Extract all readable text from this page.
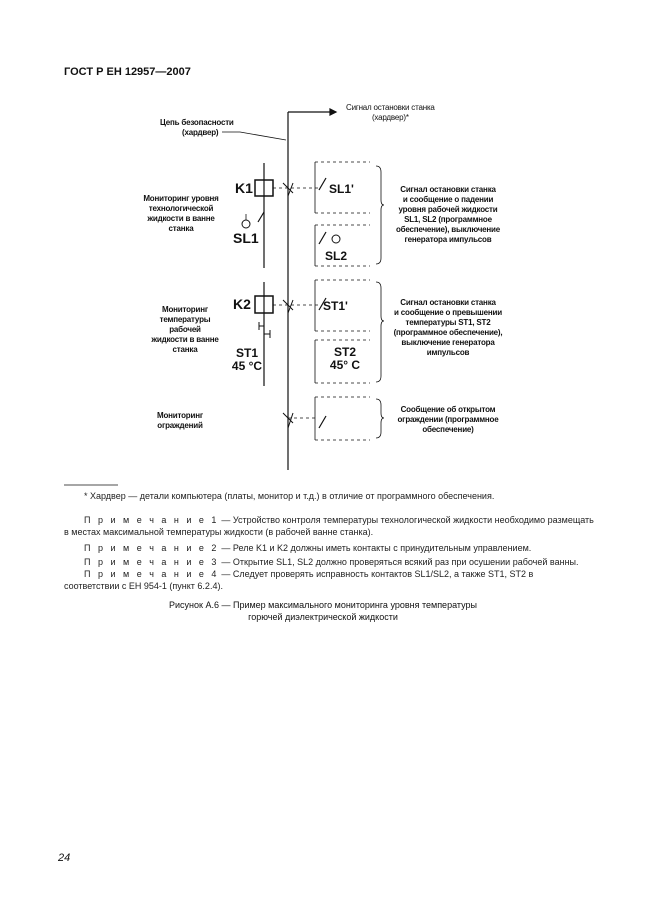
ГОСТ Р ЕН 12957—2007
Цепь безопасности
(хардвер)
Сигнал остановки станка
(хардвер)*
Мониторинг уровня
технологической
жидкости в ванне
станка
Мониторинг
температуры
рабочей
жидкости в ванне
станка
Мониторинг
ограждений
Сигнал остановки станка
и сообщение о падении
уровня рабочей жидкости
SL1, SL2 (программное
обеспечение), выключение
генератора импульсов
Сигнал остановки станка
и сообщение о превышении
температуры ST1, ST2
(программное обеспечение),
выключение генератора
импульсов
Сообщение об открытом
ограждении (программное
обеспечение)
K1
SL1
SL1'
SL2
K2	ST1'
ST1
45 °C
ST2
45° C
* Хардвер — детали компьютера (платы, монитор и т.д.) в отличие от программного обеспечения.
П р и м е ч а н и е 1 — Устройство контроля температуры технологической жидкости необходимо размещать
в местах максимальной температуры жидкости (в рабочей ванне станка).
П р и м е ч а н и е 2 — Реле K1 и K2 должны иметь контакты с принудительным управлением.
П р и м е ч а н и е 3 — Открытие SL1, SL2 должно проверяться всякий раз при осушении рабочей ванны.
П р и м е ч а н и е 4 — Следует проверять исправность контактов SL1/SL2, а также ST1, ST2 в
соответствии с ЕН 954-1 (пункт 6.2.4).
Рисунок А.6 — Пример максимального мониторинга уровня температуры
горючей диэлектрической жидкости
24
